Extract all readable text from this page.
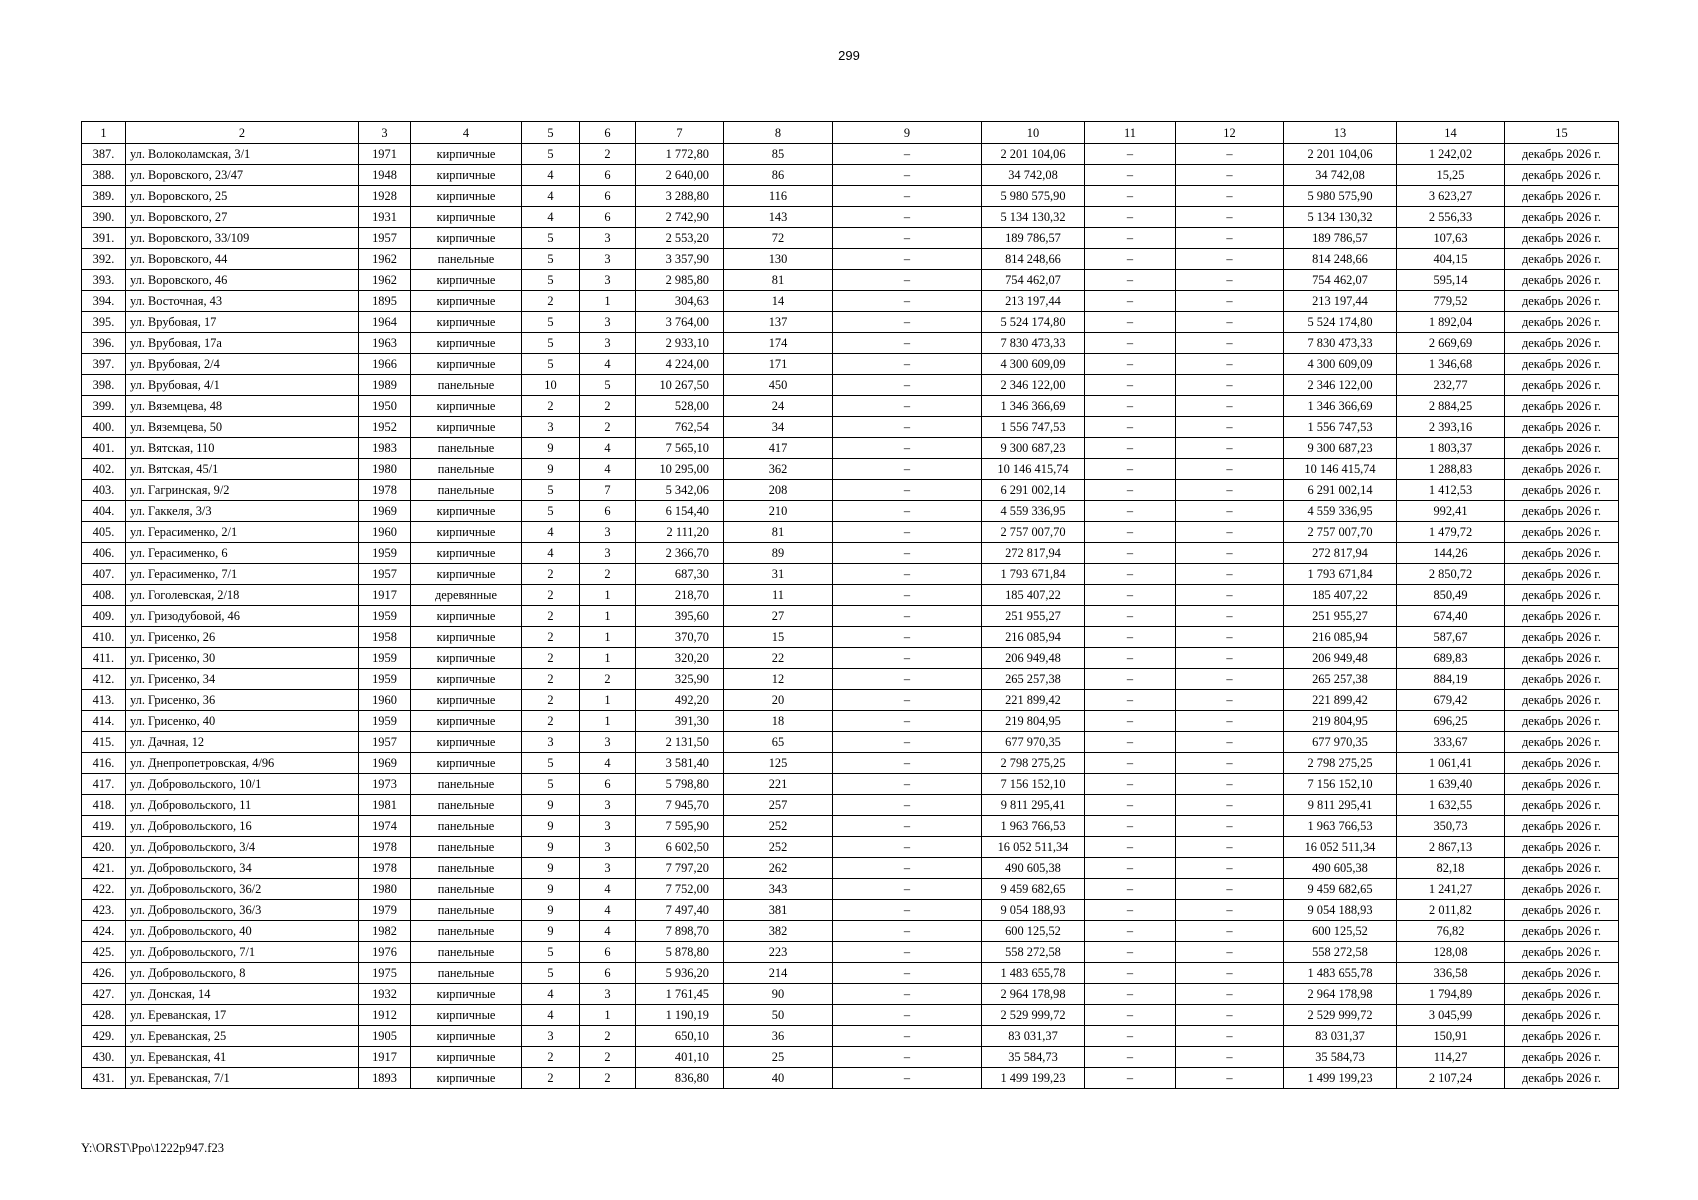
299
1	2	3	4	5	6	7	8	9	10	11	12	13	14	15
387.	ул. Волоколамская, 3/1	1971	кирпичные	5	2	1 772,80	85	–	2 201 104,06	–	–	2 201 104,06	1 242,02	декабрь 2026 г.
388.	ул. Воровского, 23/47	1948	кирпичные	4	6	2 640,00	86	–	34 742,08	–	–	34 742,08	15,25	декабрь 2026 г.
389.	ул. Воровского, 25	1928	кирпичные	4	6	3 288,80	116	–	5 980 575,90	–	–	5 980 575,90	3 623,27	декабрь 2026 г.
390.	ул. Воровского, 27	1931	кирпичные	4	6	2 742,90	143	–	5 134 130,32	–	–	5 134 130,32	2 556,33	декабрь 2026 г.
391.	ул. Воровского, 33/109	1957	кирпичные	5	3	2 553,20	72	–	189 786,57	–	–	189 786,57	107,63	декабрь 2026 г.
392.	ул. Воровского, 44	1962	панельные	5	3	3 357,90	130	–	814 248,66	–	–	814 248,66	404,15	декабрь 2026 г.
393.	ул. Воровского, 46	1962	кирпичные	5	3	2 985,80	81	–	754 462,07	–	–	754 462,07	595,14	декабрь 2026 г.
394.	ул. Восточная, 43	1895	кирпичные	2	1	304,63	14	–	213 197,44	–	–	213 197,44	779,52	декабрь 2026 г.
395.	ул. Врубовая, 17	1964	кирпичные	5	3	3 764,00	137	–	5 524 174,80	–	–	5 524 174,80	1 892,04	декабрь 2026 г.
396.	ул. Врубовая, 17а	1963	кирпичные	5	3	2 933,10	174	–	7 830 473,33	–	–	7 830 473,33	2 669,69	декабрь 2026 г.
397.	ул. Врубовая, 2/4	1966	кирпичные	5	4	4 224,00	171	–	4 300 609,09	–	–	4 300 609,09	1 346,68	декабрь 2026 г.
398.	ул. Врубовая, 4/1	1989	панельные	10	5	10 267,50	450	–	2 346 122,00	–	–	2 346 122,00	232,77	декабрь 2026 г.
399.	ул. Вяземцева, 48	1950	кирпичные	2	2	528,00	24	–	1 346 366,69	–	–	1 346 366,69	2 884,25	декабрь 2026 г.
400.	ул. Вяземцева, 50	1952	кирпичные	3	2	762,54	34	–	1 556 747,53	–	–	1 556 747,53	2 393,16	декабрь 2026 г.
401.	ул. Вятская, 110	1983	панельные	9	4	7 565,10	417	–	9 300 687,23	–	–	9 300 687,23	1 803,37	декабрь 2026 г.
402.	ул. Вятская, 45/1	1980	панельные	9	4	10 295,00	362	–	10 146 415,74	–	–	10 146 415,74	1 288,83	декабрь 2026 г.
403.	ул. Гагринская, 9/2	1978	панельные	5	7	5 342,06	208	–	6 291 002,14	–	–	6 291 002,14	1 412,53	декабрь 2026 г.
404.	ул. Гаккеля, 3/3	1969	кирпичные	5	6	6 154,40	210	–	4 559 336,95	–	–	4 559 336,95	992,41	декабрь 2026 г.
405.	ул. Герасименко, 2/1	1960	кирпичные	4	3	2 111,20	81	–	2 757 007,70	–	–	2 757 007,70	1 479,72	декабрь 2026 г.
406.	ул. Герасименко, 6	1959	кирпичные	4	3	2 366,70	89	–	272 817,94	–	–	272 817,94	144,26	декабрь 2026 г.
407.	ул. Герасименко, 7/1	1957	кирпичные	2	2	687,30	31	–	1 793 671,84	–	–	1 793 671,84	2 850,72	декабрь 2026 г.
408.	ул. Гоголевская, 2/18	1917	деревянные	2	1	218,70	11	–	185 407,22	–	–	185 407,22	850,49	декабрь 2026 г.
409.	ул. Гризодубовой, 46	1959	кирпичные	2	1	395,60	27	–	251 955,27	–	–	251 955,27	674,40	декабрь 2026 г.
410.	ул. Грисенко, 26	1958	кирпичные	2	1	370,70	15	–	216 085,94	–	–	216 085,94	587,67	декабрь 2026 г.
411.	ул. Грисенко, 30	1959	кирпичные	2	1	320,20	22	–	206 949,48	–	–	206 949,48	689,83	декабрь 2026 г.
412.	ул. Грисенко, 34	1959	кирпичные	2	2	325,90	12	–	265 257,38	–	–	265 257,38	884,19	декабрь 2026 г.
413.	ул. Грисенко, 36	1960	кирпичные	2	1	492,20	20	–	221 899,42	–	–	221 899,42	679,42	декабрь 2026 г.
414.	ул. Грисенко, 40	1959	кирпичные	2	1	391,30	18	–	219 804,95	–	–	219 804,95	696,25	декабрь 2026 г.
415.	ул. Дачная, 12	1957	кирпичные	3	3	2 131,50	65	–	677 970,35	–	–	677 970,35	333,67	декабрь 2026 г.
416.	ул. Днепропетровская, 4/96	1969	кирпичные	5	4	3 581,40	125	–	2 798 275,25	–	–	2 798 275,25	1 061,41	декабрь 2026 г.
417.	ул. Добровольского, 10/1	1973	панельные	5	6	5 798,80	221	–	7 156 152,10	–	–	7 156 152,10	1 639,40	декабрь 2026 г.
418.	ул. Добровольского, 11	1981	панельные	9	3	7 945,70	257	–	9 811 295,41	–	–	9 811 295,41	1 632,55	декабрь 2026 г.
419.	ул. Добровольского, 16	1974	панельные	9	3	7 595,90	252	–	1 963 766,53	–	–	1 963 766,53	350,73	декабрь 2026 г.
420.	ул. Добровольского, 3/4	1978	панельные	9	3	6 602,50	252	–	16 052 511,34	–	–	16 052 511,34	2 867,13	декабрь 2026 г.
421.	ул. Добровольского, 34	1978	панельные	9	3	7 797,20	262	–	490 605,38	–	–	490 605,38	82,18	декабрь 2026 г.
422.	ул. Добровольского, 36/2	1980	панельные	9	4	7 752,00	343	–	9 459 682,65	–	–	9 459 682,65	1 241,27	декабрь 2026 г.
423.	ул. Добровольского, 36/3	1979	панельные	9	4	7 497,40	381	–	9 054 188,93	–	–	9 054 188,93	2 011,82	декабрь 2026 г.
424.	ул. Добровольского, 40	1982	панельные	9	4	7 898,70	382	–	600 125,52	–	–	600 125,52	76,82	декабрь 2026 г.
425.	ул. Добровольского, 7/1	1976	панельные	5	6	5 878,80	223	–	558 272,58	–	–	558 272,58	128,08	декабрь 2026 г.
426.	ул. Добровольского, 8	1975	панельные	5	6	5 936,20	214	–	1 483 655,78	–	–	1 483 655,78	336,58	декабрь 2026 г.
427.	ул. Донская, 14	1932	кирпичные	4	3	1 761,45	90	–	2 964 178,98	–	–	2 964 178,98	1 794,89	декабрь 2026 г.
428.	ул. Ереванская, 17	1912	кирпичные	4	1	1 190,19	50	–	2 529 999,72	–	–	2 529 999,72	3 045,99	декабрь 2026 г.
429.	ул. Ереванская, 25	1905	кирпичные	3	2	650,10	36	–	83 031,37	–	–	83 031,37	150,91	декабрь 2026 г.
430.	ул. Ереванская, 41	1917	кирпичные	2	2	401,10	25	–	35 584,73	–	–	35 584,73	114,27	декабрь 2026 г.
431.	ул. Ереванская, 7/1	1893	кирпичные	2	2	836,80	40	–	1 499 199,23	–	–	1 499 199,23	2 107,24	декабрь 2026 г.
Y:\ORST\Ppo\1222p947.f23
